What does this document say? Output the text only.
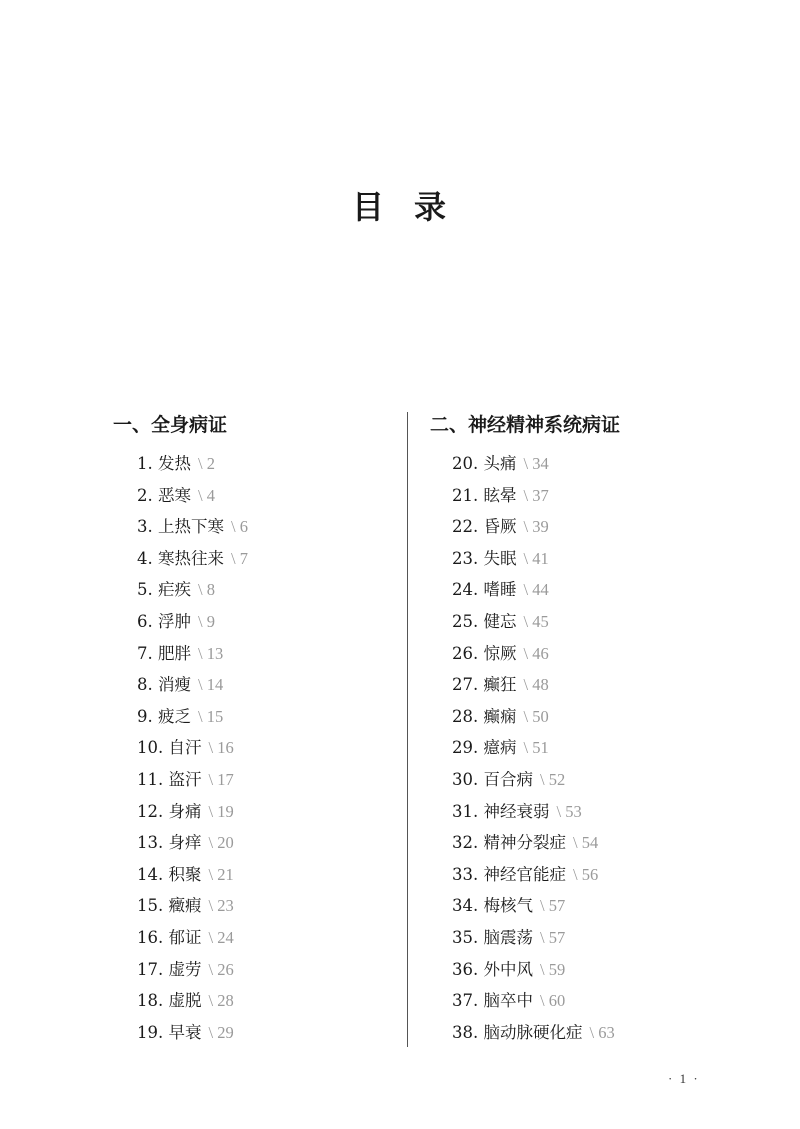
目 录
一、全身病证	二、神经精神系统病证
1. 发热 \ 2
2. 恶寒 \ 4
3. 上热下寒 \ 6
4. 寒热往来 \ 7
5. 疟疾 \ 8
6. 浮肿 \ 9
7. 肥胖 \ 13
8. 消瘦 \ 14
9. 疲乏 \ 15
10. 自汗 \ 16
11. 盗汗 \ 17
12. 身痛 \ 19
13. 身痒 \ 20
14. 积聚 \ 21
15. 癥瘕 \ 23
16. 郁证 \ 24
17. 虚劳 \ 26
18. 虚脱 \ 28
19. 早衰 \ 29
20. 头痛 \ 34
21. 眩晕 \ 37
22. 昏厥 \ 39
23. 失眠 \ 41
24. 嗜睡 \ 44
25. 健忘 \ 45
26. 惊厥 \ 46
27. 癫狂 \ 48
28. 癫痫 \ 50
29. 癔病 \ 51
30. 百合病 \ 52
31. 神经衰弱 \ 53
32. 精神分裂症 \ 54
33. 神经官能症 \ 56
34. 梅核气 \ 57
35. 脑震荡 \ 57
36. 外中风 \ 59
37. 脑卒中 \ 60
38. 脑动脉硬化症 \ 63
· 1 ·
